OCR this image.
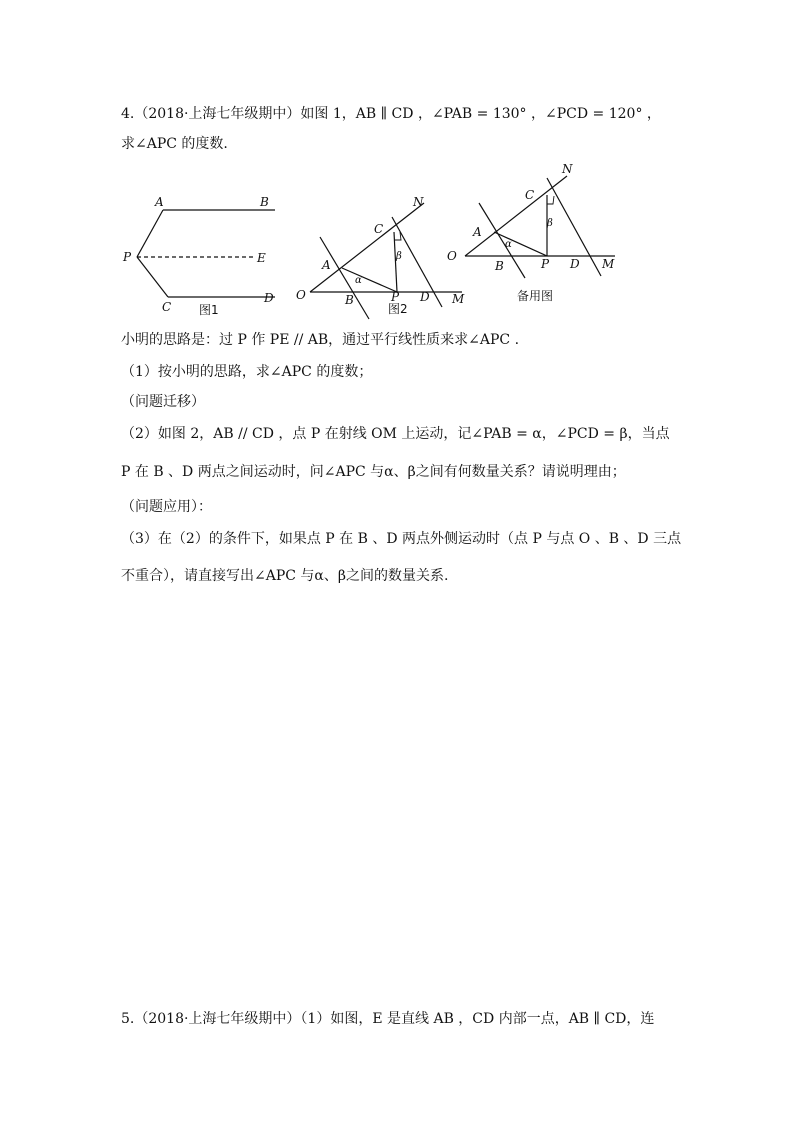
4.（2018·上海七年级期中）如图 1，AB ∥ CD ，∠PAB = 130° ，∠PCD = 120° ，
求∠APC 的度数.
A	B
P	E
C
D
图1
C
N
A
O	B	P D M
α
β
图2
C
N
A
O
B	P D M
α
β
备用图
小明的思路是：过 P 作 PE // AB，通过平行线性质来求∠APC .
（1）按小明的思路，求∠APC 的度数；
（问题迁移）
（2）如图 2，AB // CD ，点 P 在射线 OM 上运动，记∠PAB = α，∠PCD = β，当点
P 在 B 、D 两点之间运动时，问∠APC 与α、β之间有何数量关系？请说明理由；
（问题应用）：
（3）在（2）的条件下，如果点 P 在 B 、D 两点外侧运动时（点 P 与点 O 、B 、D 三点
不重合），请直接写出∠APC 与α、β之间的数量关系.
5.（2018·上海七年级期中）（1）如图，E 是直线 AB ，CD 内部一点，AB ∥ CD，连
